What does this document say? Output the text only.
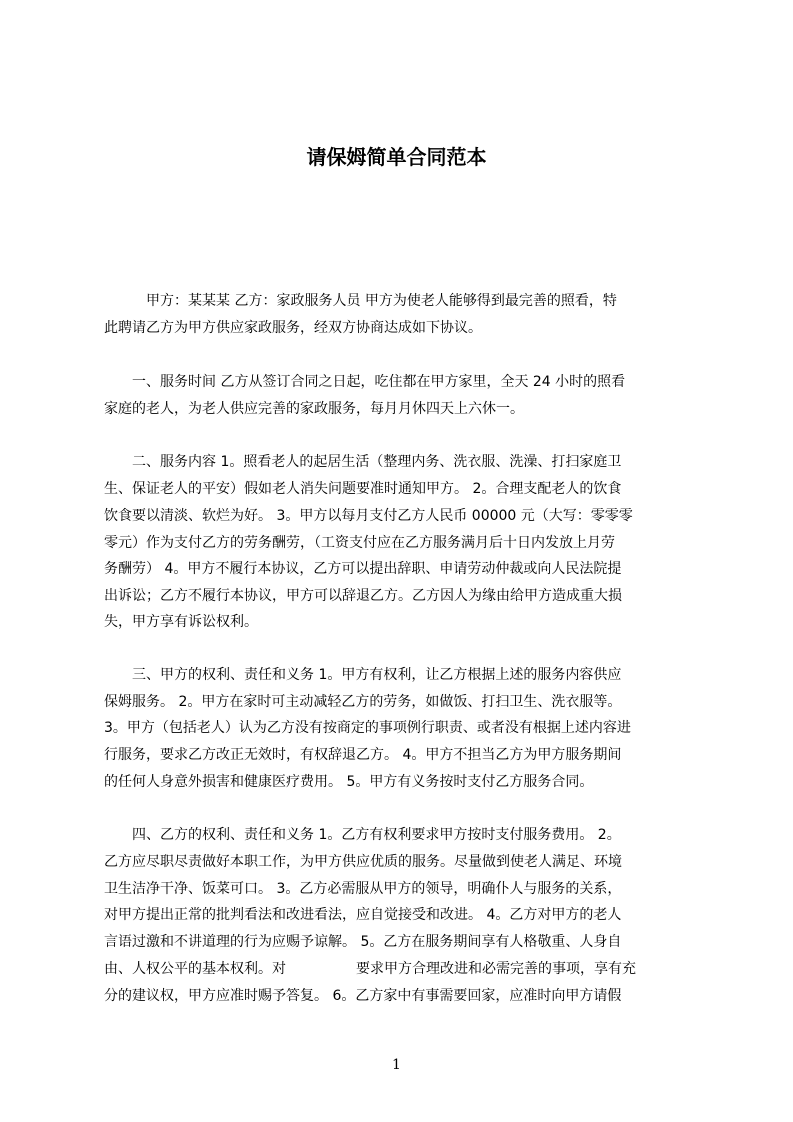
请保姆简单合同范本
　　　甲方：某某某 乙方：家政服务人员 甲方为使老人能够得到最完善的照看，特
此聘请乙方为甲方供应家政服务，经双方协商达成如下协议。
　　一、服务时间 乙方从签订合同之日起，吃住都在甲方家里，全天 24 小时的照看
家庭的老人，为老人供应完善的家政服务，每月月休四天上六休一。
　　二、服务内容 1。照看老人的起居生活（整理内务、洗衣服、洗澡、打扫家庭卫
生、保证老人的平安）假如老人消失问题要准时通知甲方。 2。合理支配老人的饮食
饮食要以清淡、软烂为好。 3。甲方以每月支付乙方人民币 00000 元（大写：零零零
零元）作为支付乙方的劳务酬劳，（工资支付应在乙方服务满月后十日内发放上月劳
务酬劳） 4。甲方不履行本协议，乙方可以提出辞职、申请劳动仲裁或向人民法院提
出诉讼；乙方不履行本协议，甲方可以辞退乙方。乙方因人为缘由给甲方造成重大损
失，甲方享有诉讼权利。
　　三、甲方的权利、责任和义务 1。甲方有权利，让乙方根据上述的服务内容供应
保姆服务。 2。甲方在家时可主动减轻乙方的劳务，如做饭、打扫卫生、洗衣服等。
3。甲方（包括老人）认为乙方没有按商定的事项例行职责、或者没有根据上述内容进
行服务，要求乙方改正无效时，有权辞退乙方。 4。甲方不担当乙方为甲方服务期间
的任何人身意外损害和健康医疗费用。 5。甲方有义务按时支付乙方服务合同。
　　四、乙方的权利、责任和义务 1。乙方有权利要求甲方按时支付服务费用。 2。
乙方应尽职尽责做好本职工作，为甲方供应优质的服务。尽量做到使老人满足、环境
卫生洁净干净、饭菜可口。 3。乙方必需服从甲方的领导，明确仆人与服务的关系，
对甲方提出正常的批判看法和改进看法，应自觉接受和改进。 4。乙方对甲方的老人
言语过激和不讲道理的行为应赐予谅解。 5。乙方在服务期间享有人格敬重、人身自
由、人权公平的基本权利。对　　　　　要求甲方合理改进和必需完善的事项，享有充
分的建议权，甲方应准时赐予答复。 6。乙方家中有事需要回家，应准时向甲方请假
1
